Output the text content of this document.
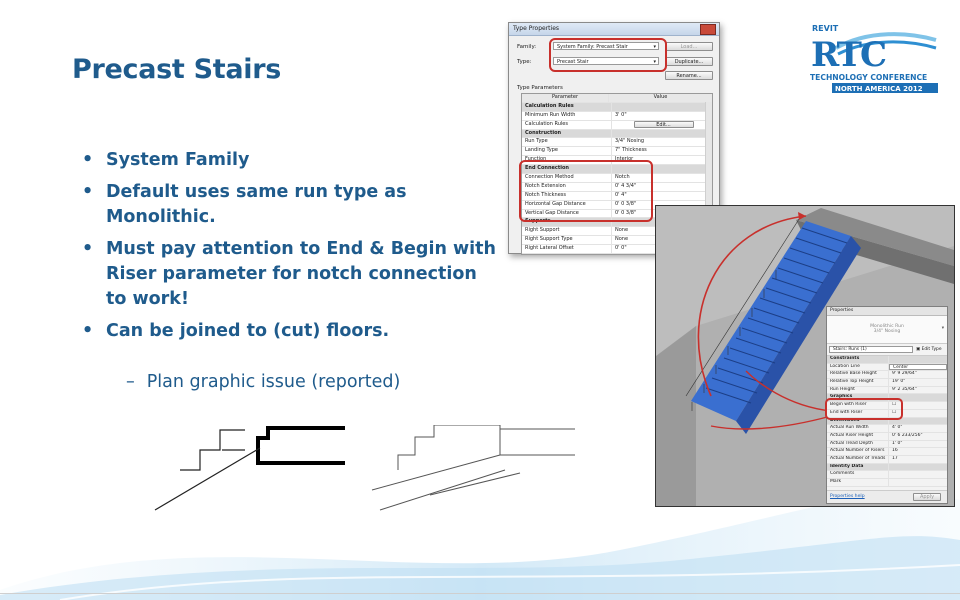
Precast Stairs
• System Family
• Default uses same run type as Monolithic.
• Must pay attention to End & Begin with Riser parameter for notch connection to work!
• Can be joined to (cut) floors.
– Plan graphic issue (reported)
REVIT
RTC
TECHNOLOGY CONFERENCE
NORTH AMERICA 2012
Type Properties
Family:	System Family: Precast Stair	▾	Load...
Type:	Precast Stair	▾	Duplicate...
Rename...
Type Parameters
Parameter	Value
Calculation Rules
Minimum Run Width	3' 0"
Calculation Rules	Edit...
Construction
Run Type	3/4" Nosing
Landing Type	7" Thickness
Function	Interior
End Connection
Connection Method	Notch
Notch Extension	0' 4 3/4"
Notch Thickness	0' 4"
Horizontal Gap Distance	0' 0 3/8"
Vertical Gap Distance	0' 0 3/8"
Supports
Right Support	None
Right Support Type	None
Right Lateral Offset	0' 0"
Properties
Monolithic Run
3/4" Nosing
▾
Stairs: Runs (1)	▣ Edit Type
Constraints
Location Line	Center
Relative Base Height	9' 9 29/64"
Relative Top Height	19' 0"
Run Height	9' 2 35/64"
Graphics
Begin with Riser	☐
End with Riser	☐
Dimensions
Actual Run Width	4' 0"
Actual Riser Height	0' 6 233/256"
Actual Tread Depth	1' 0"
Actual Number of Risers	16
Actual Number of Treads	17
Identity Data
Comments
Mark
Properties help	Apply
